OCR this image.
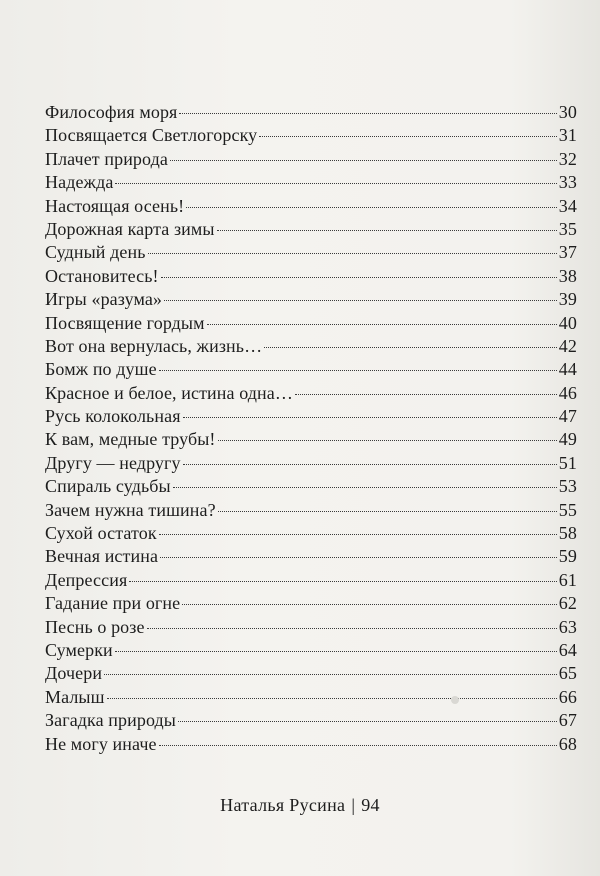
Философия моря	30
Посвящается Светлогорску	31
Плачет природа	32
Надежда	33
Настоящая осень!	34
Дорожная карта зимы	35
Судный день	37
Остановитесь!	38
Игры «разума»	39
Посвящение гордым	40
Вот она вернулась, жизнь…	42
Бомж по душе	44
Красное и белое, истина одна…	46
Русь колокольная	47
К вам, медные трубы!	49
Другу — недругу	51
Спираль судьбы	53
Зачем нужна тишина?	55
Сухой остаток	58
Вечная истина	59
Депрессия	61
Гадание при огне	62
Песнь о розе	63
Сумерки	64
Дочери	65
Малыш	66
Загадка природы	67
Не могу иначе	68
Наталья Русина | 94
